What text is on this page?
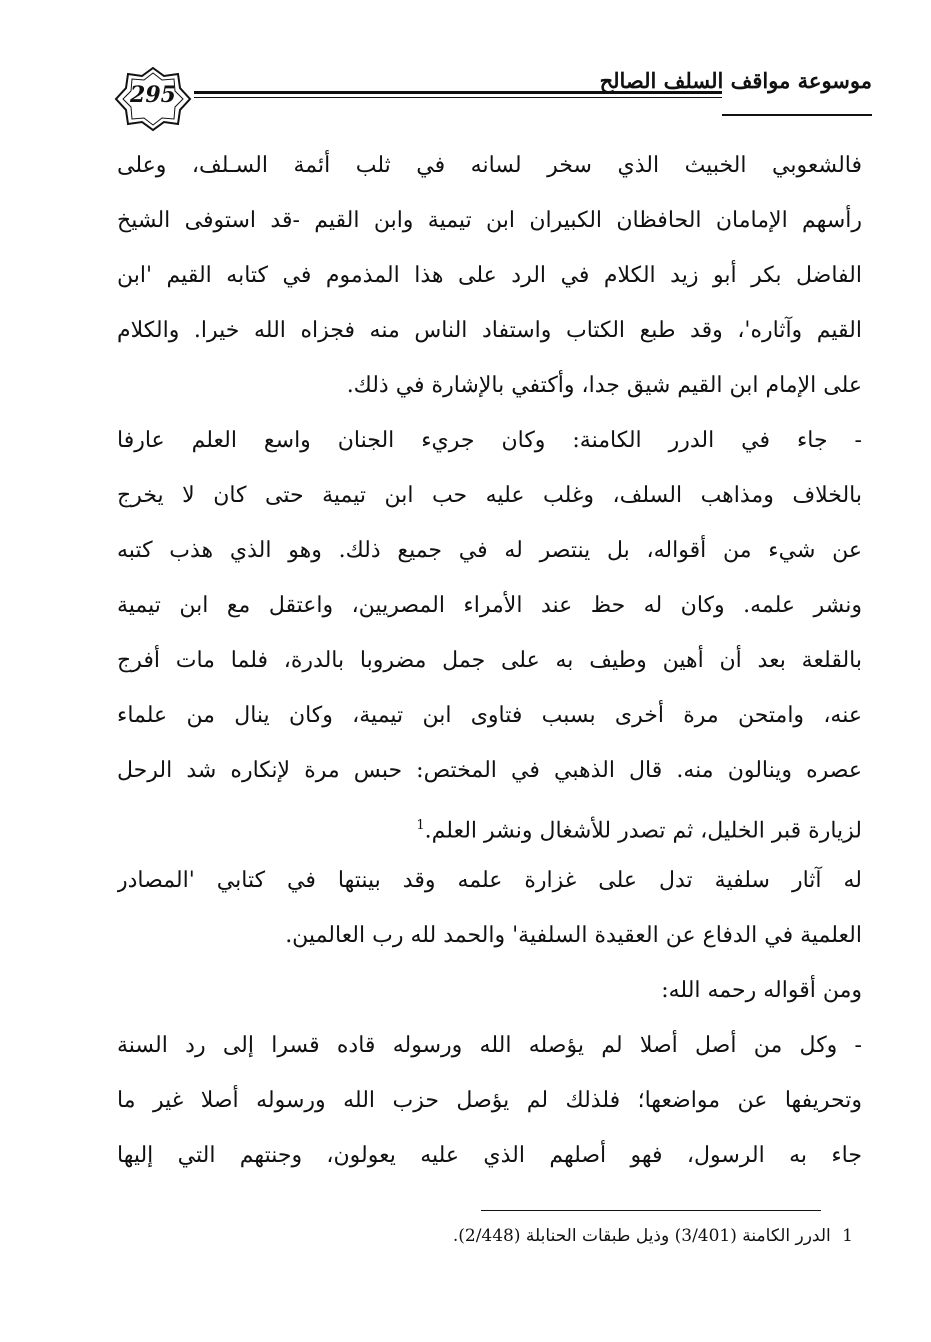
295
موسوعة مواقف السلف الصالح
فالشعوبي الخبيث الذي سخر لسانه في ثلب أئمة السـلف، وعلى
رأسهم الإمامان الحافظان الكبيران ابن تيمية وابن القيم -قد استوفى الشيخ
الفاضل بكر أبو زيد الكلام في الرد على هذا المذموم في كتابه القيم 'ابن
القيم وآثاره'، وقد طبع الكتاب واستفاد الناس منه فجزاه الله خيرا. والكلام
على الإمام ابن القيم شيق جدا، وأكتفي بالإشارة في ذلك.
- جاء في الدرر الكامنة: وكان جريء الجنان واسع العلم عارفا
بالخلاف ومذاهب السلف، وغلب عليه حب ابن تيمية حتى كان لا يخرج
عن شيء من أقواله، بل ينتصر له في جميع ذلك. وهو الذي هذب كتبه
ونشر علمه. وكان له حظ عند الأمراء المصريين، واعتقل مع ابن تيمية
بالقلعة بعد أن أهين وطيف به على جمل مضروبا بالدرة، فلما مات أفرج
عنه، وامتحن مرة أخرى بسبب فتاوى ابن تيمية، وكان ينال من علماء
عصره وينالون منه. قال الذهبي في المختص: حبس مرة لإنكاره شد الرحل
لزيارة قبر الخليل، ثم تصدر للأشغال ونشر العلم.$^1$
له آثار سلفية تدل على غزارة علمه وقد بينتها في كتابي 'المصادر
العلمية في الدفاع عن العقيدة السلفية' والحمد لله رب العالمين.
ومن أقواله رحمه الله:
- وكل من أصل أصلا لم يؤصله الله ورسوله قاده قسرا إلى رد السنة
وتحريفها عن مواضعها؛ فلذلك لم يؤصل حزب الله ورسوله أصلا غير ما
جاء به الرسول، فهو أصلهم الذي عليه يعولون، وجنتهم التي إليها
1 الدرر الكامنة (3/401) وذيل طبقات الحنابلة (2/448).
